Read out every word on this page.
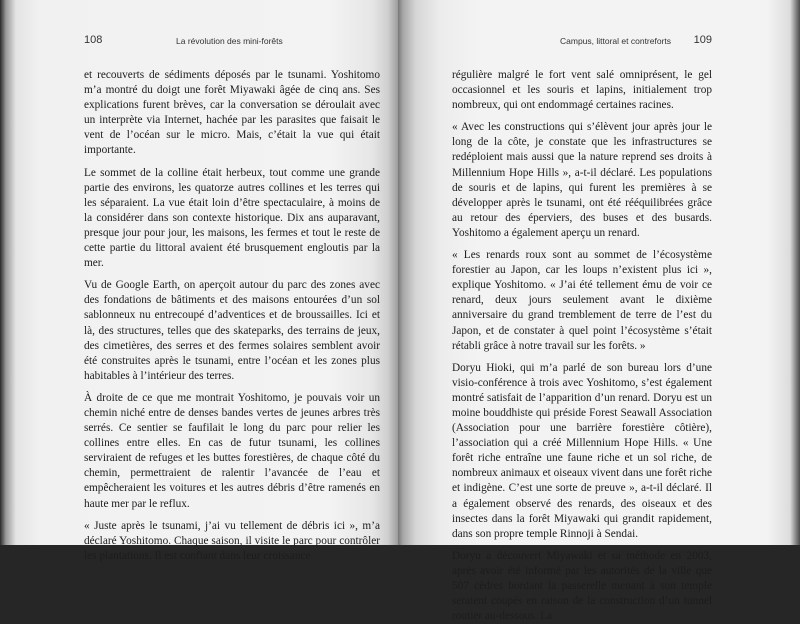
108	La révolution des mini-forêts

et recouverts de sédiments déposés par le tsunami. Yoshitomo m’a montré du doigt une forêt Miyawaki âgée de cinq ans. Ses explications furent brèves, car la conversation se déroulait avec un interprète via Internet, hachée par les parasites que faisait le vent de l’océan sur le micro. Mais, c’était la vue qui était importante.

Le sommet de la colline était herbeux, tout comme une grande partie des environs, les quatorze autres collines et les terres qui les séparaient. La vue était loin d’être spectaculaire, à moins de la considérer dans son contexte historique. Dix ans auparavant, presque jour pour jour, les maisons, les fermes et tout le reste de cette partie du littoral avaient été brusquement engloutis par la mer.

Vu de Google Earth, on aperçoit autour du parc des zones avec des fondations de bâtiments et des maisons entourées d’un sol sablonneux nu entrecoupé d’adventices et de broussailles. Ici et là, des structures, telles que des skateparks, des terrains de jeux, des cimetières, des serres et des fermes solaires semblent avoir été construites après le tsunami, entre l’océan et les zones plus habitables à l’intérieur des terres.

À droite de ce que me montrait Yoshitomo, je pouvais voir un chemin niché entre de denses bandes vertes de jeunes arbres très serrés. Ce sentier se faufilait le long du parc pour relier les collines entre elles. En cas de futur tsunami, les collines serviraient de refuges et les buttes forestières, de chaque côté du chemin, permettraient de ralentir l’avancée de l’eau et empêcheraient les voitures et les autres débris d’être ramenés en haute mer par le reflux.

« Juste après le tsunami, j’ai vu tellement de débris ici », m’a déclaré Yoshitomo. Chaque saison, il visite le parc pour contrôler les plantations. Il est confiant dans leur croissance

Campus, littoral et contreforts 109

régulière malgré le fort vent salé omniprésent, le gel occasionnel et les souris et lapins, initialement trop nombreux, qui ont endommagé certaines racines.

« Avec les constructions qui s’élèvent jour après jour le long de la côte, je constate que les infrastructures se redéploient mais aussi que la nature reprend ses droits à Millennium Hope Hills », a-t-il déclaré. Les populations de souris et de lapins, qui furent les premières à se développer après le tsunami, ont été rééquilibrées grâce au retour des éperviers, des buses et des busards. Yoshitomo a également aperçu un renard.

« Les renards roux sont au sommet de l’écosystème forestier au Japon, car les loups n’existent plus ici », explique Yoshitomo. « J’ai été tellement ému de voir ce renard, deux jours seulement avant le dixième anniversaire du grand tremblement de terre de l’est du Japon, et de constater à quel point l’écosystème s’était rétabli grâce à notre travail sur les forêts. »

Doryu Hioki, qui m’a parlé de son bureau lors d’une visio-conférence à trois avec Yoshitomo, s’est également montré satisfait de l’apparition d’un renard. Doryu est un moine bouddhiste qui préside Forest Seawall Association (Association pour une barrière forestière côtière), l’association qui a créé Millennium Hope Hills. « Une forêt riche entraîne une faune riche et un sol riche, de nombreux animaux et oiseaux vivent dans une forêt riche et indigène. C’est une sorte de preuve », a-t-il déclaré. Il a également observé des renards, des oiseaux et des insectes dans la forêt Miyawaki qui grandit rapidement, dans son propre temple Rinnoji à Sendai.

Doryu a découvert Miyawaki et sa méthode en 2003, après avoir été informé par les autorités de la ville que 507 cèdres bordant la passerelle menant à son temple seraient coupés en raison de la construction d’un tunnel routier au-dessous. La
